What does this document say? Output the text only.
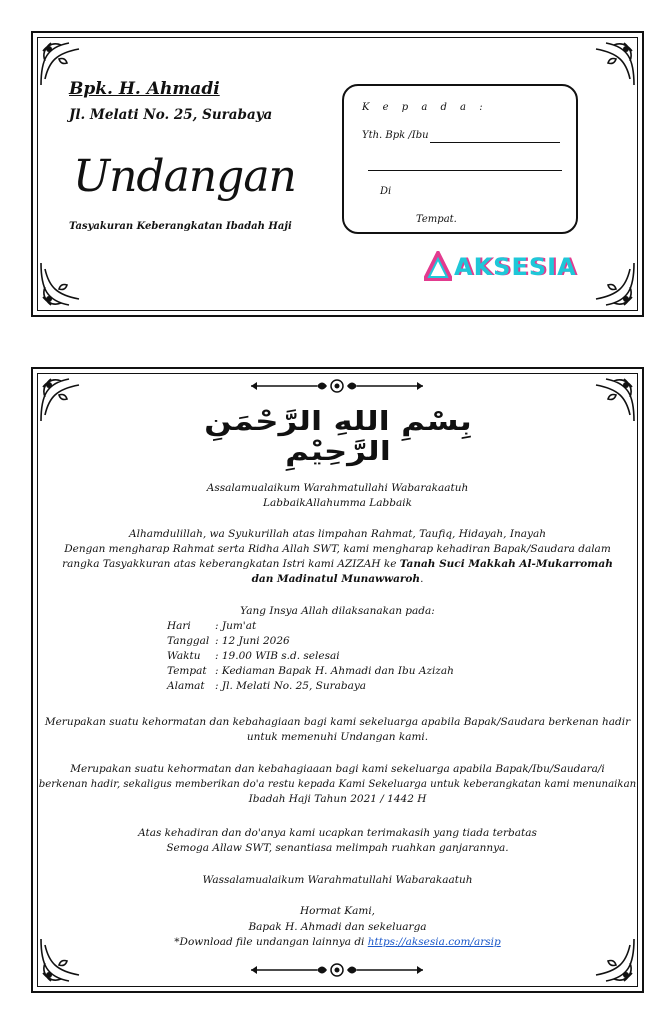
Bpk. H. Ahmadi
Jl. Melati No. 25, Surabaya
Undangan
Tasyakuran Keberangkatan Ibadah Haji
K e p a d a :
Yth. Bpk /Ibu
Di
Tempat.
AKSESIA
بِسْمِ اللهِ الرَّحْمَنِ الرَّحِيْمِ
Assalamualaikum Warahmatullahi Wabarakaatuh
LabbaikAllahumma Labbaik
Alhamdulillah, wa Syukurillah atas limpahan Rahmat, Taufiq, Hidayah, Inayah
Dengan mengharap Rahmat serta Ridha Allah SWT, kami mengharap kehadiran Bapak/Saudara dalam
rangka Tasyakkuran atas keberangkatan Istri kami AZIZAH ke Tanah Suci Makkah Al-Mukarromah
dan Madinatul Munawwaroh.
Yang Insya Allah dilaksanakan pada:
Hari : Jum'at
Tanggal : 12 Juni 2026
Waktu : 19.00 WIB s.d. selesai
Tempat : Kediaman Bapak H. Ahmadi dan Ibu Azizah
Alamat : Jl. Melati No. 25, Surabaya
Merupakan suatu kehormatan dan kebahagiaan bagi kami sekeluarga apabila Bapak/Saudara berkenan hadir
untuk memenuhi Undangan kami.
Merupakan suatu kehormatan dan kebahagiaaan bagi kami sekeluarga apabila Bapak/Ibu/Saudara/i
berkenan hadir, sekaligus memberikan do'a restu kepada Kami Sekeluarga untuk keberangkatan kami menunaikan
Ibadah Haji Tahun 2021 / 1442 H
Atas kehadiran dan do'anya kami ucapkan terimakasih yang tiada terbatas
Semoga Allaw SWT, senantiasa melimpah ruahkan ganjarannya.
Wassalamualaikum Warahmatullahi Wabarakaatuh
Hormat Kami,
Bapak H. Ahmadi dan sekeluarga
*Download file undangan lainnya di https://aksesia.com/arsip
